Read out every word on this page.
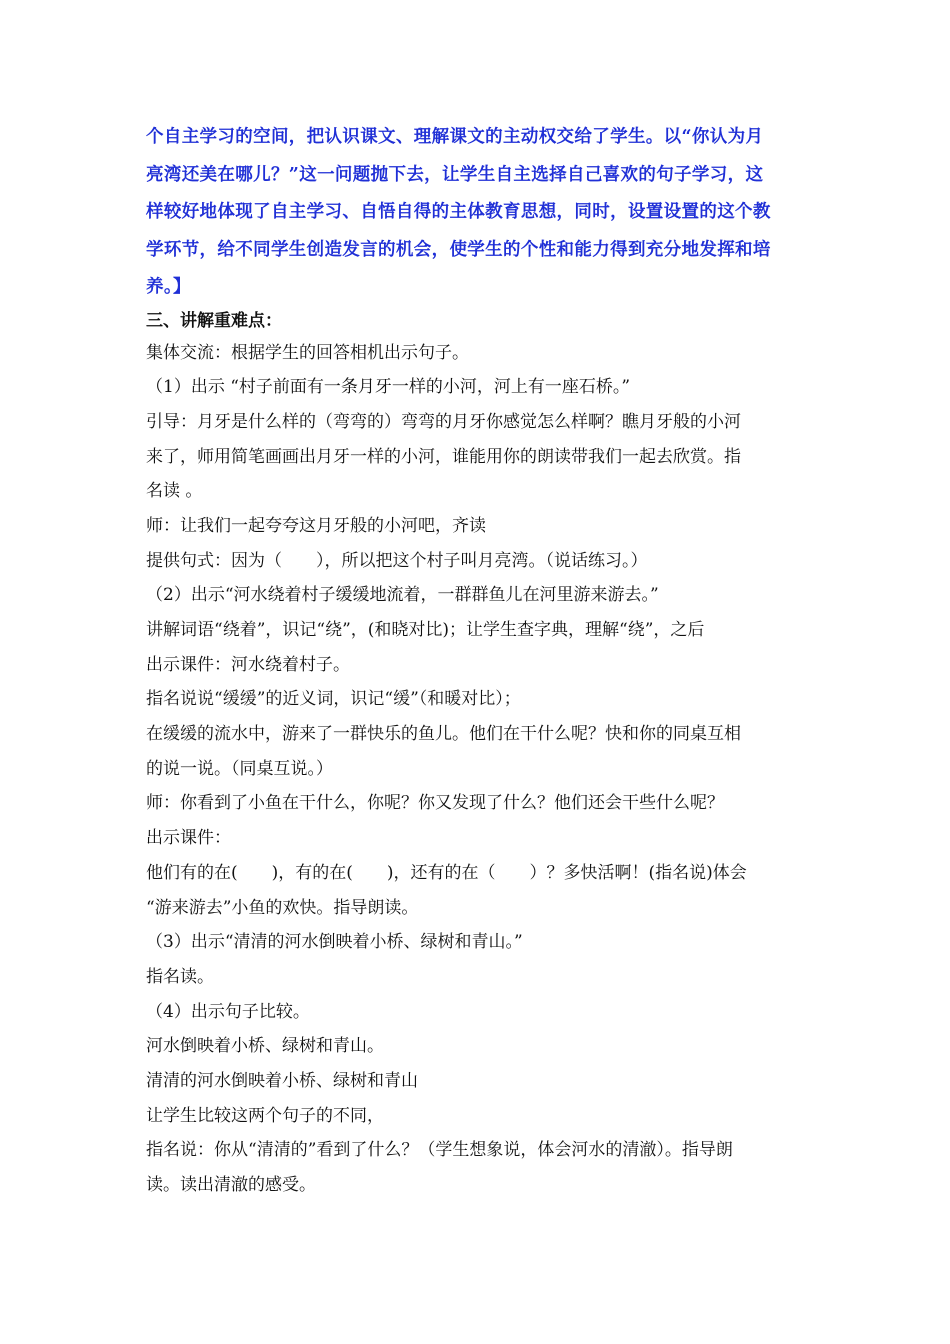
个自主学习的空间，把认识课文、理解课文的主动权交给了学生。以“你认为月
亮湾还美在哪儿？”这一问题抛下去，让学生自主选择自己喜欢的句子学习，这
样较好地体现了自主学习、自悟自得的主体教育思想，同时，设置设置的这个教
学环节，给不同学生创造发言的机会，使学生的个性和能力得到充分地发挥和培
养。】
三、讲解重难点：
集体交流：根据学生的回答相机出示句子。
（1）出示 “村子前面有一条月牙一样的小河，河上有一座石桥。”
引导：月牙是什么样的（弯弯的）弯弯的月牙你感觉怎么样啊？瞧月牙般的小河
来了，师用简笔画画出月牙一样的小河，谁能用你的朗读带我们一起去欣赏。指
名读 。
师：让我们一起夸夸这月牙般的小河吧，齐读
提供句式：因为（　　），所以把这个村子叫月亮湾。（说话练习。）
（2）出示“河水绕着村子缓缓地流着，一群群鱼儿在河里游来游去。”
讲解词语“绕着”，识记“绕”，(和晓对比)；让学生查字典，理解“绕”，之后
出示课件：河水绕着村子。
指名说说“缓缓”的近义词，识记“缓”（和暖对比）；
在缓缓的流水中，游来了一群快乐的鱼儿。他们在干什么呢？快和你的同桌互相
的说一说。（同桌互说。）
师：你看到了小鱼在干什么，你呢？你又发现了什么？他们还会干些什么呢？
出示课件：
他们有的在(　　)，有的在(　　)，还有的在（　　）？多快活啊！(指名说)体会
“游来游去”小鱼的欢快。指导朗读。
（3）出示“清清的河水倒映着小桥、绿树和青山。”
指名读。
（4）出示句子比较。
河水倒映着小桥、绿树和青山。
清清的河水倒映着小桥、绿树和青山
让学生比较这两个句子的不同，
指名说：你从“清清的”看到了什么？（学生想象说，体会河水的清澈）。指导朗
读。读出清澈的感受。
